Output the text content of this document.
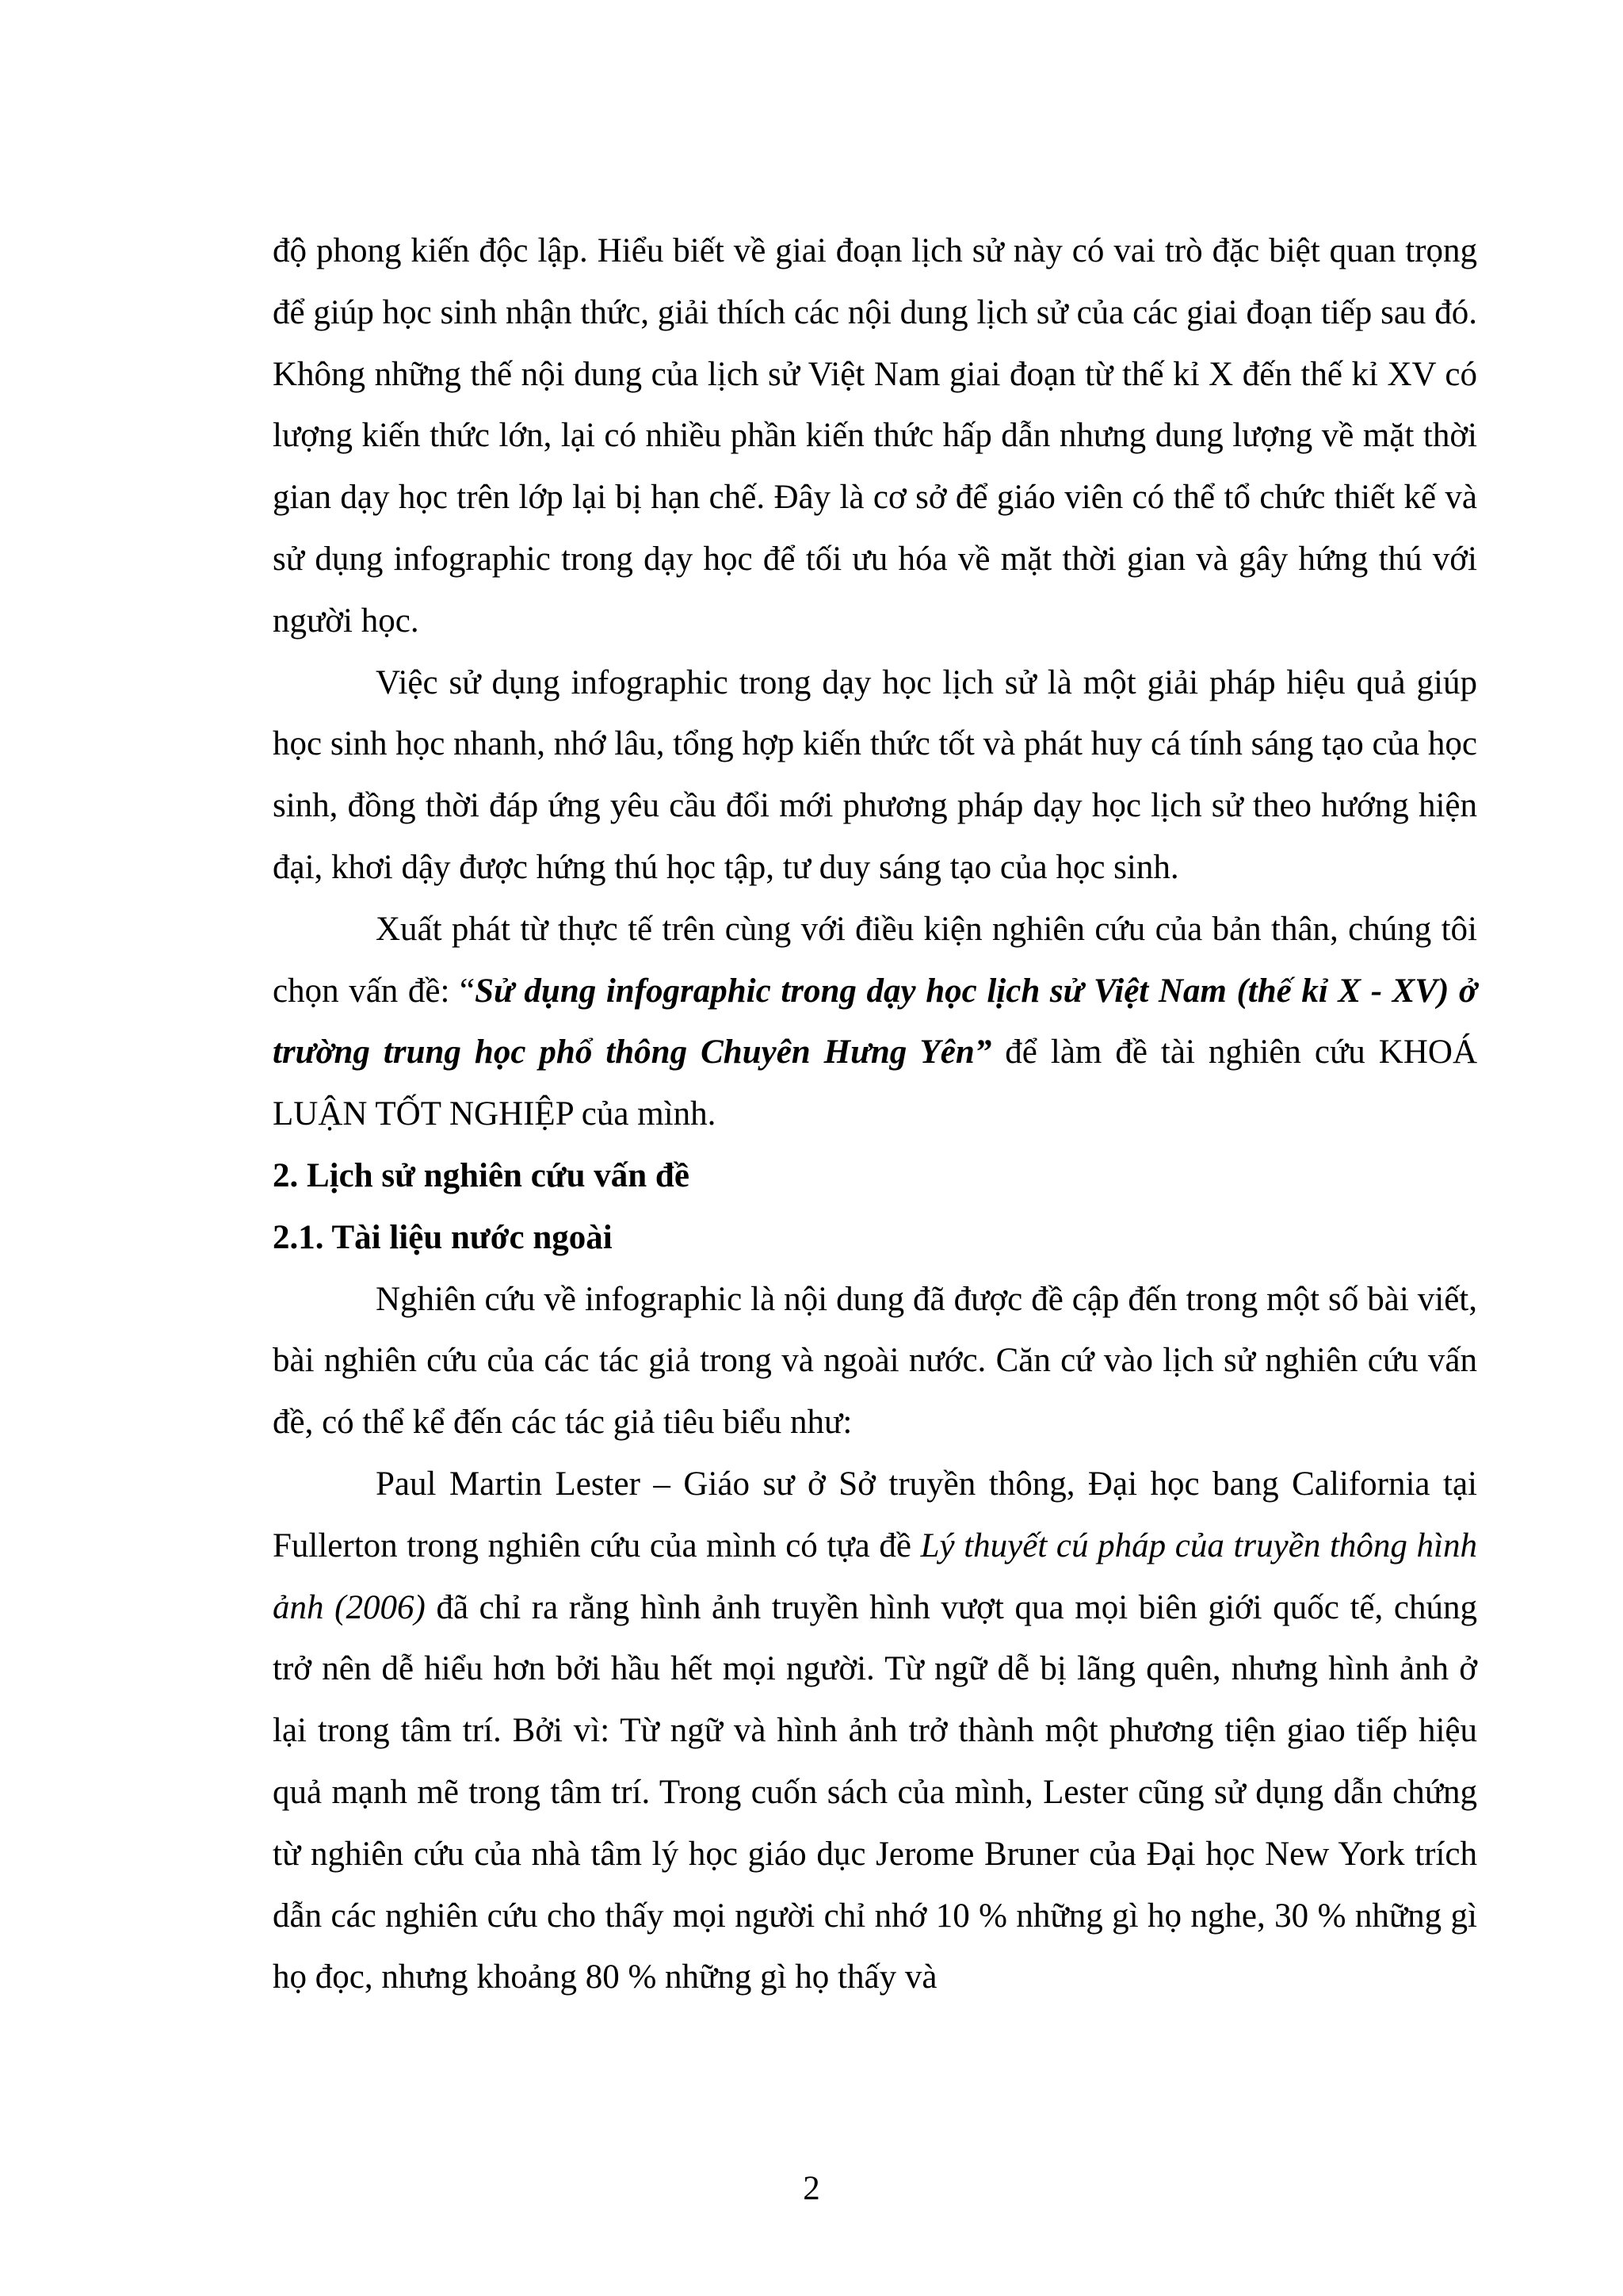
độ phong kiến độc lập. Hiểu biết về giai đoạn lịch sử này có vai trò đặc biệt quan trọng để giúp học sinh nhận thức, giải thích các nội dung lịch sử của các giai đoạn tiếp sau đó. Không những thế nội dung của lịch sử Việt Nam giai đoạn từ thế kỉ X đến thế kỉ XV có lượng kiến thức lớn, lại có nhiều phần kiến thức hấp dẫn nhưng dung lượng về mặt thời gian dạy học trên lớp lại bị hạn chế. Đây là cơ sở để giáo viên có thể tổ chức thiết kế và sử dụng infographic trong dạy học để tối ưu hóa về mặt thời gian và gây hứng thú với người học.

Việc sử dụng infographic trong dạy học lịch sử là một giải pháp hiệu quả giúp học sinh học nhanh, nhớ lâu, tổng hợp kiến thức tốt và phát huy cá tính sáng tạo của học sinh, đồng thời đáp ứng yêu cầu đổi mới phương pháp dạy học lịch sử theo hướng hiện đại, khơi dậy được hứng thú học tập, tư duy sáng tạo của học sinh.

Xuất phát từ thực tế trên cùng với điều kiện nghiên cứu của bản thân, chúng tôi chọn vấn đề: “Sử dụng infographic trong dạy học lịch sử Việt Nam (thế kỉ X - XV) ở trường trung học phổ thông Chuyên Hưng Yên” để làm đề tài nghiên cứu KHOÁ LUẬN TỐT NGHIỆP của mình.

2. Lịch sử nghiên cứu vấn đề

2.1. Tài liệu nước ngoài

Nghiên cứu về infographic là nội dung đã được đề cập đến trong một số bài viết, bài nghiên cứu của các tác giả trong và ngoài nước. Căn cứ vào lịch sử nghiên cứu vấn đề, có thể kể đến các tác giả tiêu biểu như:

Paul Martin Lester – Giáo sư ở Sở truyền thông, Đại học bang California tại Fullerton trong nghiên cứu của mình có tựa đề Lý thuyết cú pháp của truyền thông hình ảnh (2006) đã chỉ ra rằng hình ảnh truyền hình vượt qua mọi biên giới quốc tế, chúng trở nên dễ hiểu hơn bởi hầu hết mọi người. Từ ngữ dễ bị lãng quên, nhưng hình ảnh ở lại trong tâm trí. Bởi vì: Từ ngữ và hình ảnh trở thành một phương tiện giao tiếp hiệu quả mạnh mẽ trong tâm trí. Trong cuốn sách của mình, Lester cũng sử dụng dẫn chứng từ nghiên cứu của nhà tâm lý học giáo dục Jerome Bruner của Đại học New York trích dẫn các nghiên cứu cho thấy mọi người chỉ nhớ 10 % những gì họ nghe, 30 % những gì họ đọc, nhưng khoảng 80 % những gì họ thấy và

2
